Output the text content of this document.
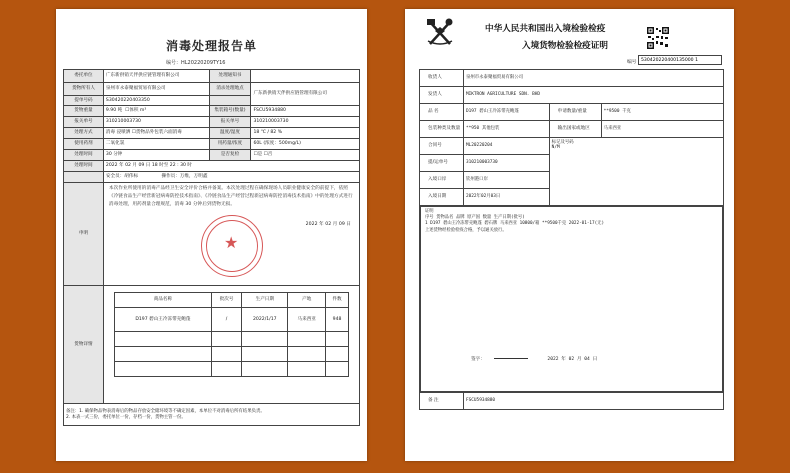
消毒处理报告单
编号：HL20220209TY16
委托单位	广东新供销天伴供应链管理有限公司	处理通知书	
货物所有人	泉州市永泰聚福贸易有限公司	消杀处理地点	广东新供销天伴供应链管理有限公司
提单号码	S30420220403350	
货物重量	9.90 吨  ☐体积 m³	集装箱号(数量)	FSCU5934880
报关单号	310210003730	报关单号	310210003730
处理方式	消毒 浸喷洒 ☐货物品外包装六面消毒	温度/湿度	18 ℃ / 82 %
使用药剂	二氧化氯	用药量/浓度	60L (浓度：500mg/L)
处理时间	30 分钟	是否复检	☐是 ☐否
处理时间	2022 年 02 月 09 日 18 时至 22 : 30 时
	安全员：胡伟标	操作员：万维，万明鑫
申明	
本次作业所使用的消毒产品经卫生安全评价合格并备案。本次处理过程在确保现场人员职业健康安全的前提下，依照《冷链食品生产经营新冠病毒防控技术指南》、《冷链食品生产经营过程新冠病毒防控消毒技术指南》中的处理方式进行消毒处理，用药剂量合理规范，消毒 30 分钟后到货物无损。
2022 年 02 月 09 日

货物详情	
商品名称	批次号	生产日期	产地	件数
D197 碧山王冷冻带壳鲍蓬	/	2022/1/17	马来西亚	948

备注：1. 确保物品物表消毒后的物品存放安全储环境等不确定因素，本单位不对消毒后所有结果负责。
2. 本表一式三份，委托单位一份，存档一份，货物主管一份。
★
中华人民共和国出入境检验检疫
入境货物检验检疫证明
编号 530420220400135000 1
收货人	泉州市永泰聚福贸易有限公司		
发货人	MIKTRON AGRICULTURE SDN. BHD		
品 名	D197 碧山王冷冻带壳鲍蓬	申请数量/重量	**9500 千克
包装种类及数量	**950 其他包装	输出国家或地区	马来西亚
合同号	ML20220204	标记及号码
N/M	

提/运单号	310210003730		
入境口岸	钦州港口岸		
入境日期	2022年02月03日		

证明
序号 货物品名 品牌 原产国 数量 生产日期(批号)
1 D197 碧山王冷冻带壳鲍蓬 碧石牌 马来西亚 10800/箱 **9500千克 2022-01-17(无)
上述货物经检验检疫合格，予以通关放行。
签字： 2022 年 02 月 04 日			

备 注	FSCU5934880		
